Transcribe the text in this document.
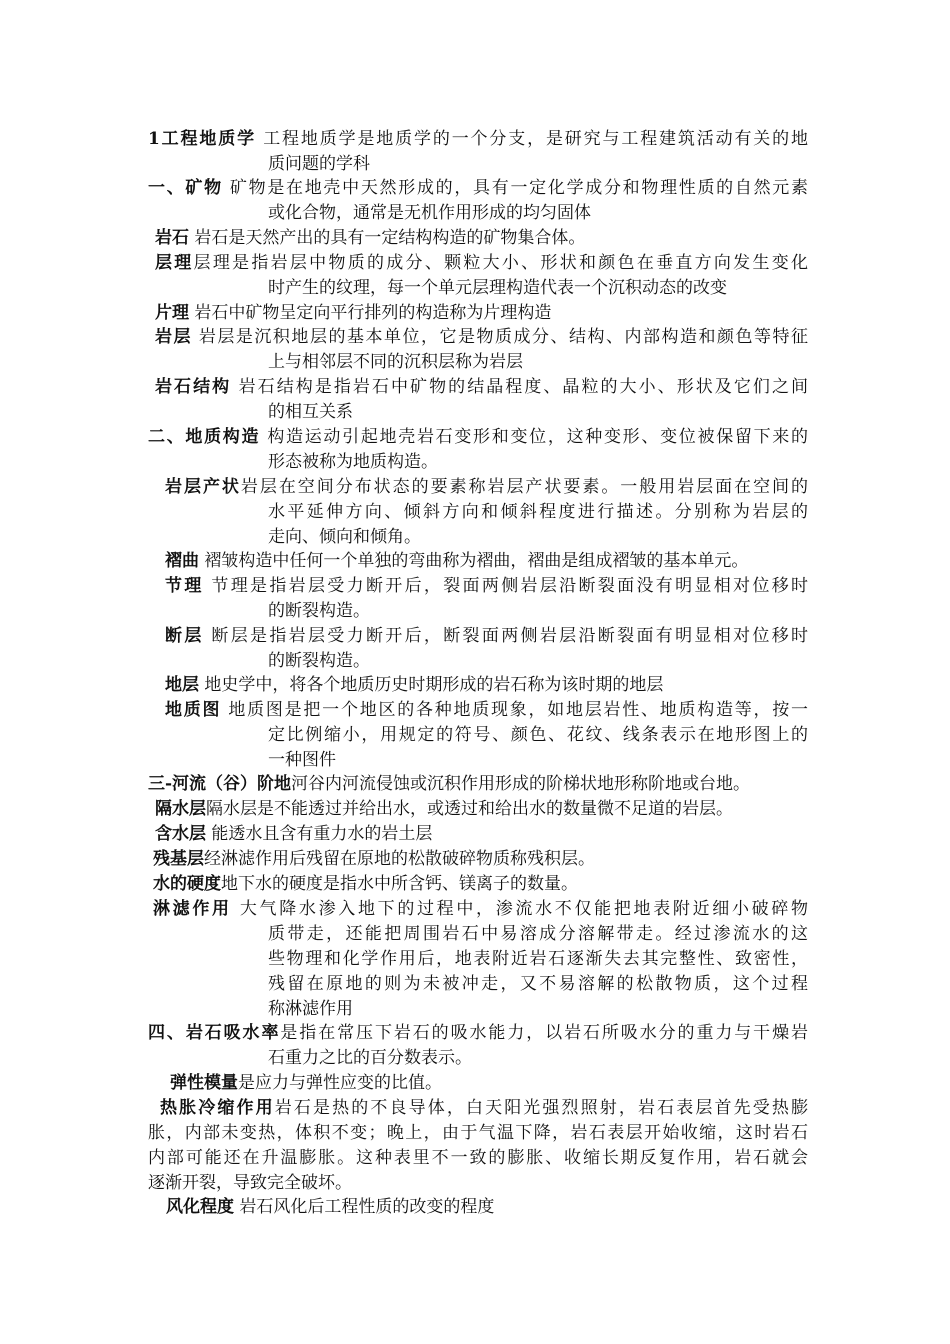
1工程地质学 工程地质学是地质学的一个分支，是研究与工程建筑活动有关的地
质问题的学科
一、矿物 矿物是在地壳中天然形成的，具有一定化学成分和物理性质的自然元素
或化合物，通常是无机作用形成的均匀固体
岩石 岩石是天然产出的具有一定结构构造的矿物集合体。
层理层理是指岩层中物质的成分、颗粒大小、形状和颜色在垂直方向发生变化
时产生的纹理，每一个单元层理构造代表一个沉积动态的改变
片理 岩石中矿物呈定向平行排列的构造称为片理构造
岩层 岩层是沉积地层的基本单位，它是物质成分、结构、内部构造和颜色等特征
上与相邻层不同的沉积层称为岩层
岩石结构 岩石结构是指岩石中矿物的结晶程度、晶粒的大小、形状及它们之间
的相互关系
二、地质构造 构造运动引起地壳岩石变形和变位，这种变形、变位被保留下来的
形态被称为地质构造。
岩层产状岩层在空间分布状态的要素称岩层产状要素。一般用岩层面在空间的
水平延伸方向、倾斜方向和倾斜程度进行描述。分别称为岩层的
走向、倾向和倾角。
褶曲 褶皱构造中任何一个单独的弯曲称为褶曲，褶曲是组成褶皱的基本单元。
节理 节理是指岩层受力断开后，裂面两侧岩层沿断裂面没有明显相对位移时
的断裂构造。
断层 断层是指岩层受力断开后，断裂面两侧岩层沿断裂面有明显相对位移时
的断裂构造。
地层 地史学中，将各个地质历史时期形成的岩石称为该时期的地层
地质图 地质图是把一个地区的各种地质现象，如地层岩性、地质构造等，按一
定比例缩小，用规定的符号、颜色、花纹、线条表示在地形图上的
一种图件
三-河流（谷）阶地河谷内河流侵蚀或沉积作用形成的阶梯状地形称阶地或台地。
隔水层隔水层是不能透过并给出水，或透过和给出水的数量微不足道的岩层。
含水层 能透水且含有重力水的岩土层
残基层经淋滤作用后残留在原地的松散破碎物质称残积层。
水的硬度地下水的硬度是指水中所含钙、镁离子的数量。
淋滤作用 大气降水渗入地下的过程中，渗流水不仅能把地表附近细小破碎物
质带走，还能把周围岩石中易溶成分溶解带走。经过渗流水的这
些物理和化学作用后，地表附近岩石逐渐失去其完整性、致密性，
残留在原地的则为未被冲走，又不易溶解的松散物质，这个过程
称淋滤作用
四、岩石吸水率是指在常压下岩石的吸水能力，以岩石所吸水分的重力与干燥岩
石重力之比的百分数表示。
弹性模量是应力与弹性应变的比值。
热胀冷缩作用岩石是热的不良导体，白天阳光强烈照射，岩石表层首先受热膨
胀，内部未变热，体积不变；晚上，由于气温下降，岩石表层开始收缩，这时岩石
内部可能还在升温膨胀。这种表里不一致的膨胀、收缩长期反复作用，岩石就会
逐渐开裂，导致完全破坏。
风化程度 岩石风化后工程性质的改变的程度
